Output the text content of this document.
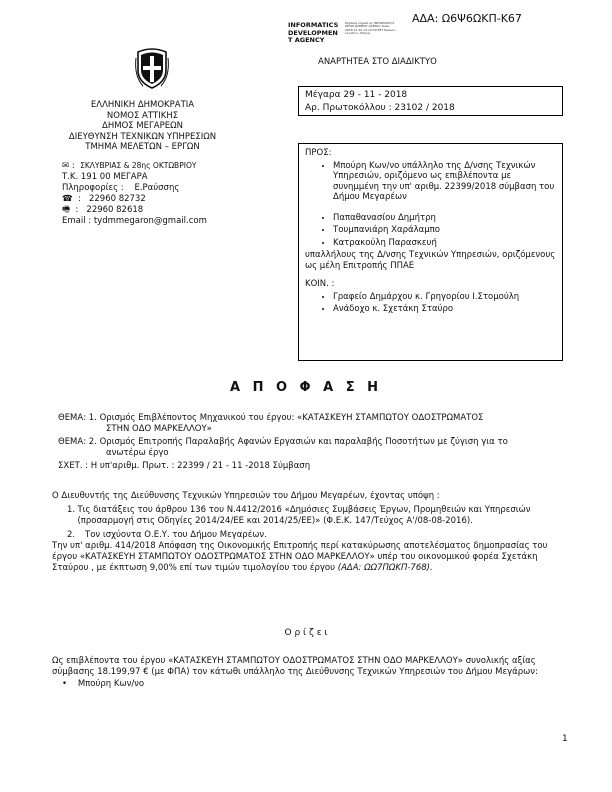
ΑΔΑ: Ω6Ψ6ΩΚΠ-Κ67
INFORMATICS
DEVELOPMEN
T AGENCY
Digitally signed by INFORMATICS DEVELOPMENT AGENCY Date: 2018.11.29 13:19:49 EET Reason: Location: Athens
ΑΝΑΡΤΗΤΕΑ ΣΤΟ ΔΙΑΔΙΚΤΥΟ
ΕΛΛΗΝΙΚΗ ΔΗΜΟΚΡΑΤΙΑ
ΝΟΜΟΣ ΑΤΤΙΚΗΣ
ΔΗΜΟΣ ΜΕΓΑΡΕΩΝ
ΔΙΕΥΘΥΝΣΗ ΤΕΧΝΙΚΩΝ ΥΠΗΡΕΣΙΩΝ
ΤΜΗΜΑ ΜΕΛΕΤΩΝ – ΕΡΓΩΝ
✉ :  ΣΚΛΥΒΡΙΑΣ & 28ης ΟΚΤΩΒΡΙΟΥ
Τ.Κ. 191 00 ΜΕΓΑΡΑ
Πληροφορίες : Ε.Ραύσσης
☎  :   22960 82732
🖷  :   22960 82618
Email : tydmmegaron@gmail.com
Μέγαρα 29 - 11 - 2018
Αρ. Πρωτοκόλλου : 23102 / 2018
ΠΡΟΣ:
• Μπούρη Κων/νο υπάλληλο της Δ/νσης Τεχνικών Υπηρεσιών, οριζόμενο ως επιβλέποντα με συνημμένη την υπ' αριθμ. 22399/2018 σύμβαση του Δήμου Μεγαρέων
• Παπαθανασίου Δημήτρη
• Τουμπανιάρη Χαράλαμπο
• Κατρακούλη Παρασκευή
υπαλλήλους της Δ/νσης Τεχνικών Υπηρεσιών, οριζόμενους ως μέλη Επιτροπής ΠΠΑΕ
ΚΟΙΝ. :
• Γραφείο Δημάρχου κ. Γρηγορίου Ι.Στομούλη
• Ανάδοχο κ. Σχετάκη Σταύρο
Α Π Ο Φ Α Σ Η
ΘΕΜΑ: 1. Ορισμός Επιβλέποντος Μηχανικού του έργου: «ΚΑΤΑΣΚΕΥΗ ΣΤΑΜΠΩΤΟΥ ΟΔΟΣΤΡΩΜΑΤΟΣ
ΣΤΗΝ ΟΔΟ ΜΑΡΚΕΛΛΟΥ»
ΘΕΜΑ: 2. Ορισμός Επιτροπής Παραλαβής Αφανών Εργασιών και παραλαβής Ποσοτήτων με ζύγιση για το
ανωτέρω έργο
ΣΧΕΤ. : Η υπ'αριθμ. Πρωτ. : 22399 / 21 - 11 -2018 Σύμβαση
Ο Διευθυντής της Διεύθυνσης Τεχνικών Υπηρεσιών του Δήμου Μεγαρέων, έχοντας υπόψη :
1. Τις διατάξεις του άρθρου 136 του Ν.4412/2016 «Δημόσιες Συμβάσεις Έργων, Προμηθειών και Υπηρεσιών (προσαρμογή στις Οδηγίες 2014/24/ΕΕ και 2014/25/ΕΕ)» (Φ.Ε.Κ. 147/Τεύχος Α'/08-08-2016).
2.	Τον ισχύοντα Ο.Ε.Υ. του Δήμου Μεγαρέων.
Την υπ' αριθμ. 414/2018 Απόφαση της Οικονομικής Επιτροπής περί κατακύρωσης αποτελέσματος δημοπρασίας του έργου «ΚΑΤΑΣΚΕΥΗ ΣΤΑΜΠΩΤΟΥ ΟΔΟΣΤΡΩΜΑΤΟΣ ΣΤΗΝ ΟΔΟ ΜΑΡΚΕΛΛΟΥ» υπέρ του οικονομικού φορέα Σχετάκη Σταύρου , με έκπτωση 9,00% επί των τιμών τιμολογίου του έργου (ΑΔΑ: ΩΩ7ΠΩΚΠ-768).
Ο ρ ί ζ ε ι
Ως επιβλέποντα του έργου «ΚΑΤΑΣΚΕΥΗ ΣΤΑΜΠΩΤΟΥ ΟΔΟΣΤΡΩΜΑΤΟΣ ΣΤΗΝ ΟΔΟ ΜΑΡΚΕΛΛΟΥ» συνολικής αξίας σύμβασης 18.199,97 € (με ΦΠΑ) τον κάτωθι υπάλληλο της Διεύθυνσης Τεχνικών Υπηρεσιών του Δήμου Μεγάρων:
• Μπούρη Κων/νο
1
